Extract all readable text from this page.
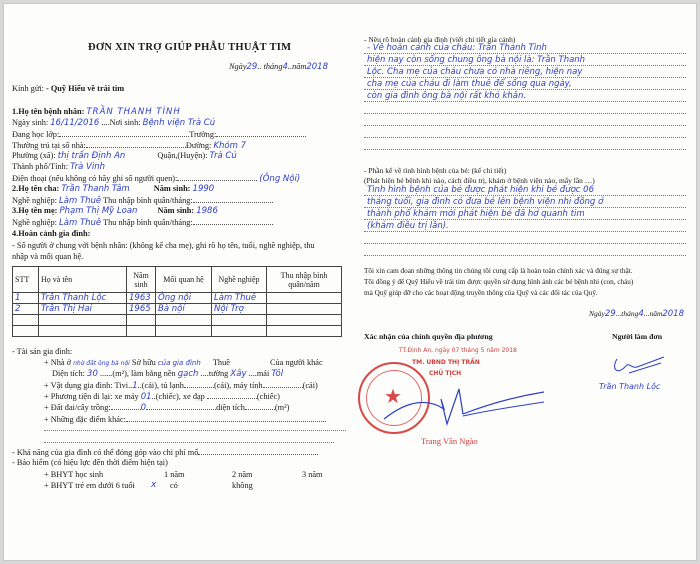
ĐƠN XIN TRỢ GIÚP PHẪU THUẬT TIM
Ngày29.. tháng4..năm2018
Kính gửi: - Quỹ Hiểu về trái tim
1.Họ tên bệnh nhân: TRẦN THANH TÌNH
Ngày sinh: 16/11/2016 ....Nơi sinh: Bệnh viện Trà Cú
Đang học lớp:	Trường:
Thường trú tại số nhà:	Đường: Khóm 7
Phường (xã): thị trấn Định An	Quận,(Huyện): Trà Cú
Thành phố/Tỉnh: Trà Vinh
Điện thoại (nếu không có hãy ghi số người quen):	(Ông Nội)
2.Họ tên cha: Trần Thanh Tâm	Năm sinh: 1990
Nghề nghiệp: Làm Thuê Thu nhập bình quân/tháng:
3.Họ tên mẹ: Phạm Thị Mỹ Loan Năm sinh: 1986
Nghề nghiệp: Làm Thuê Thu nhập bình quân/tháng:
4.Hoàn cảnh gia đình:
- Số người ở chung với bệnh nhân: (không kể cha mẹ), ghi rõ họ tên, tuổi, nghề nghiệp, thu
nhập và mối quan hệ.
STT	Họ và tên	Năm sinh	Mối quan hệ	Nghề nghiệp	Thu nhập bình quân/năm
1	Trần Thanh Lộc	1963	Ông nội	Làm Thuê	
2	Trần Thị Hai	1965	Bà nội	Nội Trợ	

- Tài sản gia đình:
+ Nhà ở nhờ đất ông bà nội Sở hữu của gia đình Thuê	Của người khác
Diện tích: 30 ......(m²), làm bằng nền gạch ....tường Xây ....mái Tôl
+ Vật dụng gia đình: Tivi..1..(cái), tủ lạnh	(cái), máy tính	(cái)
+ Phương tiện đi lại: xe máy 01..(chiếc), xe đạp	(chiếc)
+ Đất đai/cây trồng:	0	diện tích	(m²)
+ Những đặc điểm khác:
- Khả năng của gia đình có thể đóng góp vào chi phí mổ
- Bảo hiểm (có hiệu lực đến thời điểm hiện tại)
+ BHYT học sinh	1 năm	2 năm	3 năm
+ BHYT trẻ em dưới 6 tuổi x có	không
- Nêu rõ hoàn cảnh gia đình (viết chi tiết gia cảnh)
- Về hoàn cảnh của cháu: Trần Thanh Tình
hiện nay còn sống chung ông bà nội là: Trần Thanh
Lộc. Cha mẹ của cháu chưa có nhà riêng, hiện nay
cha mẹ của cháu đi làm thuê để sống qua ngày,
còn gia đình ông bà nội rất khó khăn.
- Phần kể về tình hình bệnh của bé: (kể chi tiết)
(Phát hiện bé bệnh khi nào, cách điều trị, khám ở bệnh viện nào, mấy lần …)
Tình hình bệnh của bé được phát hiện khi bé được 06
tháng tuổi, gia đình có đưa bé lên bệnh viện nhi đồng ở
thành phố khám mới phát hiện bé đã hở quanh tim
(khám điều trị lần).
Tôi xin cam đoan những thông tin chúng tôi cung cấp là hoàn toàn chính xác và đúng sự thật.
Tôi đồng ý để Quỹ Hiểu về trái tim được quyền sử dụng hình ảnh các bé bệnh nhi (con, cháu)
mà Quỹ giúp đỡ cho các hoạt động truyền thông của Quỹ và các đối tác của Quỹ.
Ngày29...tháng4...năm2018
Xác nhận của chính quyền địa phương	Người làm đơn
TT.Định An, ngày 07 tháng 5 năm 2018
TM. UBND THỊ TRẤN
CHỦ TỊCH
★
Trang Văn Ngào
Trần Thanh Lộc
